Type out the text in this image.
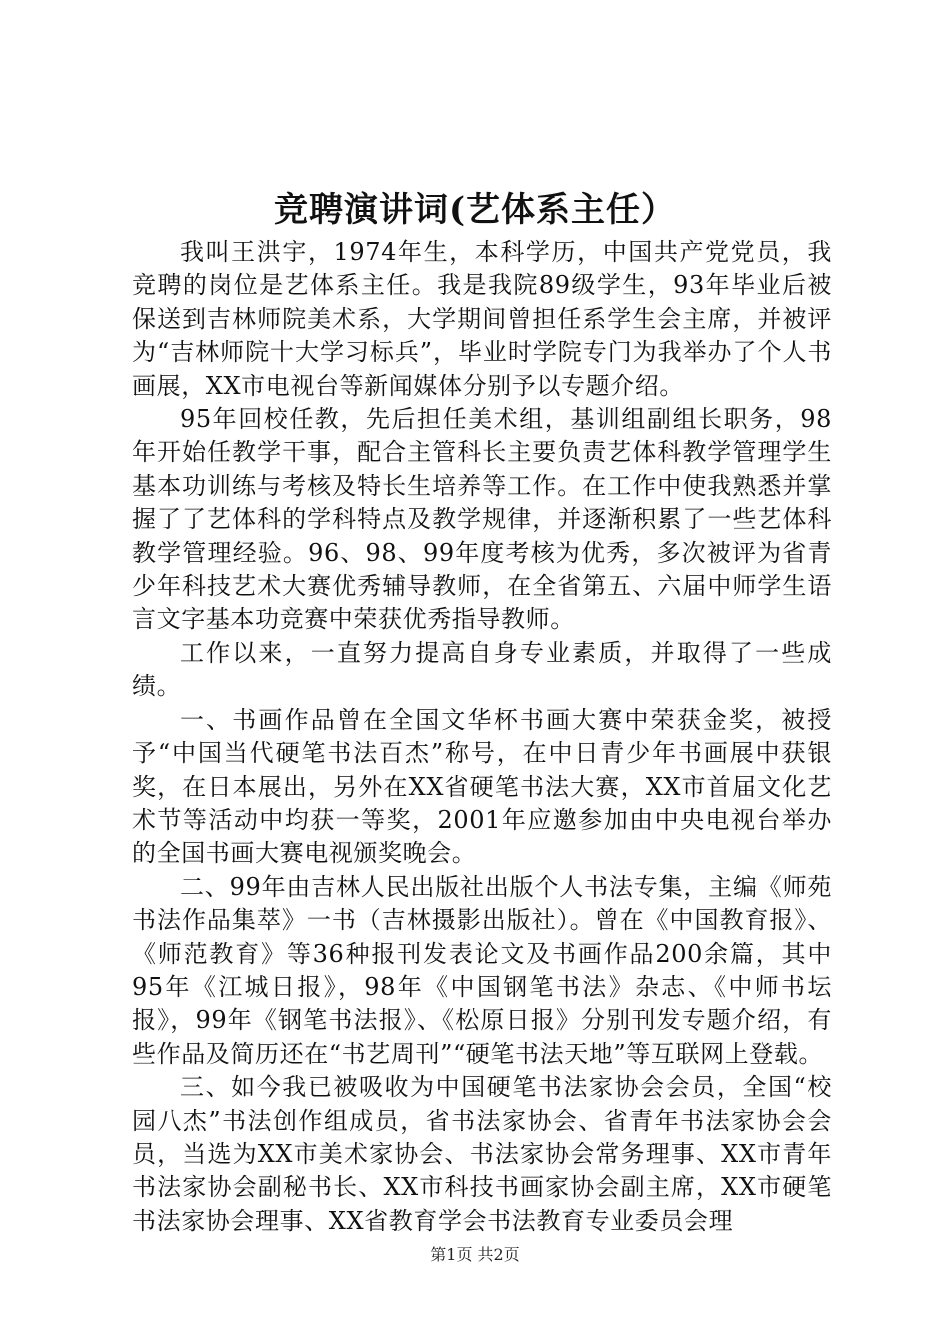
竞聘演讲词(艺体系主任）

我叫王洪宇，1974年生，本科学历，中国共产党党员，我竞聘的岗位是艺体系主任。我是我院89级学生，93年毕业后被保送到吉林师院美术系，大学期间曾担任系学生会主席，并被评为“吉林师院十大学习标兵”，毕业时学院专门为我举办了个人书画展，XX市电视台等新闻媒体分别予以专题介绍。

95年回校任教，先后担任美术组，基训组副组长职务，98年开始任教学干事，配合主管科长主要负责艺体科教学管理学生基本功训练与考核及特长生培养等工作。在工作中使我熟悉并掌握了了艺体科的学科特点及教学规律，并逐渐积累了一些艺体科教学管理经验。96、98、99年度考核为优秀，多次被评为省青少年科技艺术大赛优秀辅导教师，在全省第五、六届中师学生语言文字基本功竞赛中荣获优秀指导教师。

工作以来，一直努力提高自身专业素质，并取得了一些成绩。

一、书画作品曾在全国文华杯书画大赛中荣获金奖，被授予“中国当代硬笔书法百杰”称号，在中日青少年书画展中获银奖，在日本展出，另外在XX省硬笔书法大赛，XX市首届文化艺术节等活动中均获一等奖，2001年应邀参加由中央电视台举办的全国书画大赛电视颁奖晚会。

二、99年由吉林人民出版社出版个人书法专集，主编《师苑书法作品集萃》一书（吉林摄影出版社）。曾在《中国教育报》、《师范教育》等36种报刊发表论文及书画作品200余篇，其中95年《江城日报》，98年《中国钢笔书法》杂志、《中师书坛报》，99年《钢笔书法报》、《松原日报》分别刊发专题介绍，有些作品及简历还在“书艺周刊”“硬笔书法天地”等互联网上登载。

三、如今我已被吸收为中国硬笔书法家协会会员，全国“校园八杰”书法创作组成员，省书法家协会、省青年书法家协会会员，当选为XX市美术家协会、书法家协会常务理事、XX市青年书法家协会副秘书长、XX市科技书画家协会副主席，XX市硬笔书法家协会理事、XX省教育学会书法教育专业委员会理

第1页 共2页
